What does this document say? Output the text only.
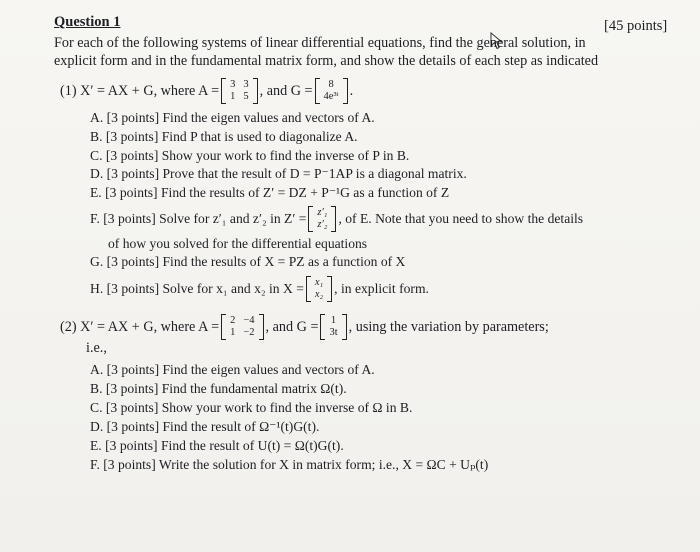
Question 1	[45 points]
For each of the following systems of linear differential equations, find the general solution, in
explicit form and in the fundamental matrix form, and show the details of each step as indicated
(1) X′ = AX + G, where A = 3 3
1 5 , and G =	8
4e³ᵗ .
A. [3 points] Find the eigen values and vectors of A.
B. [3 points] Find P that is used to diagonalize A.
C. [3 points] Show your work to find the inverse of P in B.
D. [3 points] Prove that the result of D = P⁻1AP is a diagonal matrix.
E. [3 points] Find the results of Z′ = DZ + P⁻¹G as a function of Z
F. [3 points] Solve for z′₁ and z′₂ in Z′ = z′₁
z′₂ , of E. Note that you need to show the details
of how you solved for the differential equations
G. [3 points] Find the results of X = PZ as a function of X
H. [3 points] Solve for x₁ and x₂ in X = x₁
x₂ , in explicit form.
(2) X′ = AX + G, where A = 2 −4
1 −2 , and G = 1
3t , using the variation by parameters;
i.e.,
A. [3 points] Find the eigen values and vectors of A.
B. [3 points] Find the fundamental matrix Ω(t).
C. [3 points] Show your work to find the inverse of Ω in B.
D. [3 points] Find the result of Ω⁻¹(t)G(t).
E. [3 points] Find the result of U(t) = Ω(t)G(t).
F. [3 points] Write the solution for X in matrix form; i.e., X = ΩC + Uₚ(t)
